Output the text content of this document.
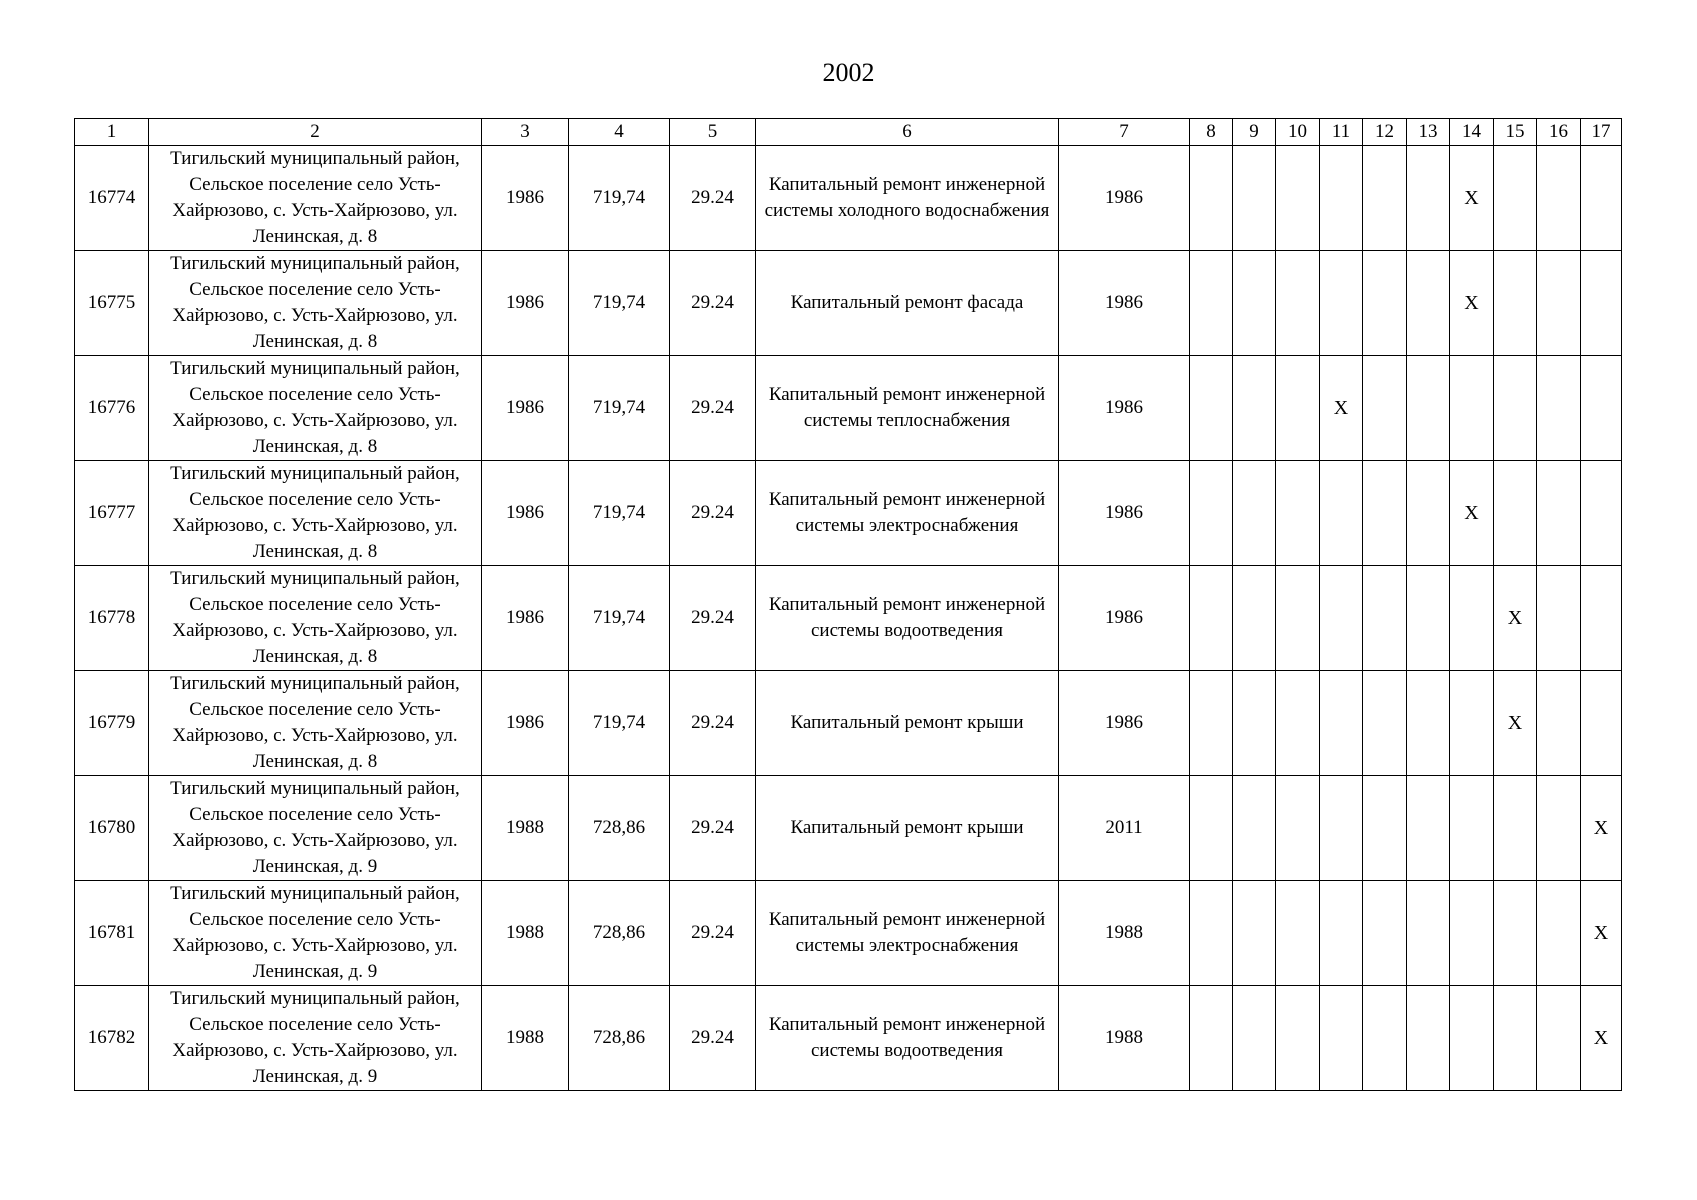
2002
1	2	3	4	5	6	7	8	9	10	11	12	13	14	15	16	17
16774	Тигильский муниципальный район, Сельское поселение село Усть-Хайрюзово, с. Усть-Хайрюзово, ул. Ленинская, д. 8	1986	719,74	29.24	Капитальный ремонт инженерной системы холодного водоснабжения	1986							X			
16775	Тигильский муниципальный район, Сельское поселение село Усть-Хайрюзово, с. Усть-Хайрюзово, ул. Ленинская, д. 8	1986	719,74	29.24	Капитальный ремонт фасада	1986							X			
16776	Тигильский муниципальный район, Сельское поселение село Усть-Хайрюзово, с. Усть-Хайрюзово, ул. Ленинская, д. 8	1986	719,74	29.24	Капитальный ремонт инженерной системы теплоснабжения	1986				X						
16777	Тигильский муниципальный район, Сельское поселение село Усть-Хайрюзово, с. Усть-Хайрюзово, ул. Ленинская, д. 8	1986	719,74	29.24	Капитальный ремонт инженерной системы электроснабжения	1986							X			
16778	Тигильский муниципальный район, Сельское поселение село Усть-Хайрюзово, с. Усть-Хайрюзово, ул. Ленинская, д. 8	1986	719,74	29.24	Капитальный ремонт инженерной системы водоотведения	1986								X		
16779	Тигильский муниципальный район, Сельское поселение село Усть-Хайрюзово, с. Усть-Хайрюзово, ул. Ленинская, д. 8	1986	719,74	29.24	Капитальный ремонт крыши	1986								X		
16780	Тигильский муниципальный район, Сельское поселение село Усть-Хайрюзово, с. Усть-Хайрюзово, ул. Ленинская, д. 9	1988	728,86	29.24	Капитальный ремонт крыши	2011										X
16781	Тигильский муниципальный район, Сельское поселение село Усть-Хайрюзово, с. Усть-Хайрюзово, ул. Ленинская, д. 9	1988	728,86	29.24	Капитальный ремонт инженерной системы электроснабжения	1988										X
16782	Тигильский муниципальный район, Сельское поселение село Усть-Хайрюзово, с. Усть-Хайрюзово, ул. Ленинская, д. 9	1988	728,86	29.24	Капитальный ремонт инженерной системы водоотведения	1988										X
